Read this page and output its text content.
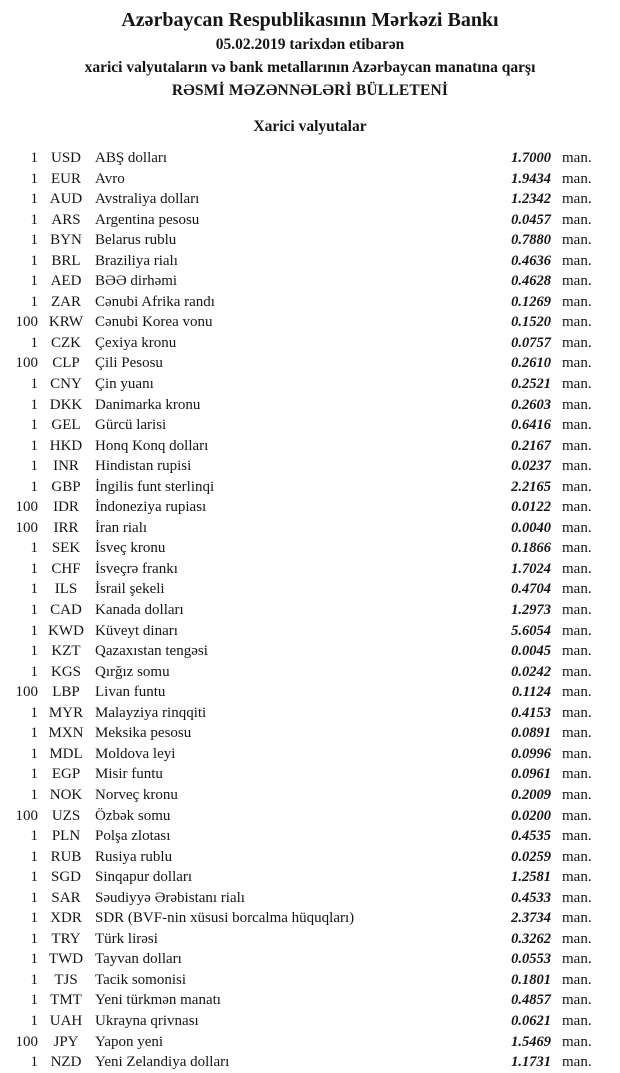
Azərbaycan Respublikasının Mərkəzi Bankı
05.02.2019 tarixdən etibarən
xarici valyutaların və bank metallarının Azərbaycan manatına qarşı
RƏSMİ MƏZƏNNƏLƏRİ BÜLLETENİ
Xarici valyutalar
1 USD ABŞ dolları	1.7000 man.
1 EUR Avro	1.9434 man.
1 AUD Avstraliya dolları	1.2342 man.
1 ARS Argentina pesosu	0.0457 man.
1 BYN Belarus rublu	0.7880 man.
1 BRL Braziliya rialı	0.4636 man.
1 AED BƏƏ dirhəmi	0.4628 man.
1 ZAR Cənubi Afrika randı	0.1269 man.
100 KRW Cənubi Korea vonu	0.1520 man.
1 CZK Çexiya kronu	0.0757 man.
100 CLP	Çili Pesosu	0.2610 man.
1 CNY Çin yuanı	0.2521 man.
1 DKK Danimarka kronu	0.2603 man.
1 GEL Gürcü larisi	0.6416 man.
1 HKD Honq Konq dolları	0.2167 man.
1	INR	Hindistan rupisi	0.0237 man.
1 GBP İngilis funt sterlinqi	2.2165 man.
100	IDR	İndoneziya rupiası	0.0122 man.
100	IRR	İran rialı	0.0040 man.
1 SEK İsveç kronu	0.1866 man.
1 CHF İsveçrə frankı	1.7024 man.
1	ILS	İsrail şekeli	0.4704 man.
1 CAD Kanada dolları	1.2973 man.
1 KWD Küveyt dinarı	5.6054 man.
1 KZT Qazaxıstan tengəsi	0.0045 man.
1 KGS Qırğız somu	0.0242 man.
100 LBP	Livan funtu	0.1124 man.
1 MYR Malayziya rinqqiti	0.4153 man.
1 MXN Meksika pesosu	0.0891 man.
1 MDL Moldova leyi	0.0996 man.
1 EGP Misir funtu	0.0961 man.
1 NOK Norveç kronu	0.2009 man.
100 UZS Özbək somu	0.0200 man.
1 PLN Polşa zlotası	0.4535 man.
1 RUB Rusiya rublu	0.0259 man.
1 SGD Sinqapur dolları	1.2581 man.
1 SAR Səudiyyə Ərəbistanı rialı	0.4533 man.
1 XDR SDR (BVF-nin xüsusi borcalma hüquqları)	2.3734 man.
1 TRY Türk lirəsi	0.3262 man.
1 TWD Tayvan dolları	0.0553 man.
1	TJS	Tacik somonisi	0.1801 man.
1 TMT Yeni türkmən manatı	0.4857 man.
1 UAH Ukrayna qrivnası	0.0621 man.
100	JPY	Yapon yeni	1.5469 man.
1 NZD Yeni Zelandiya dolları	1.1731 man.
